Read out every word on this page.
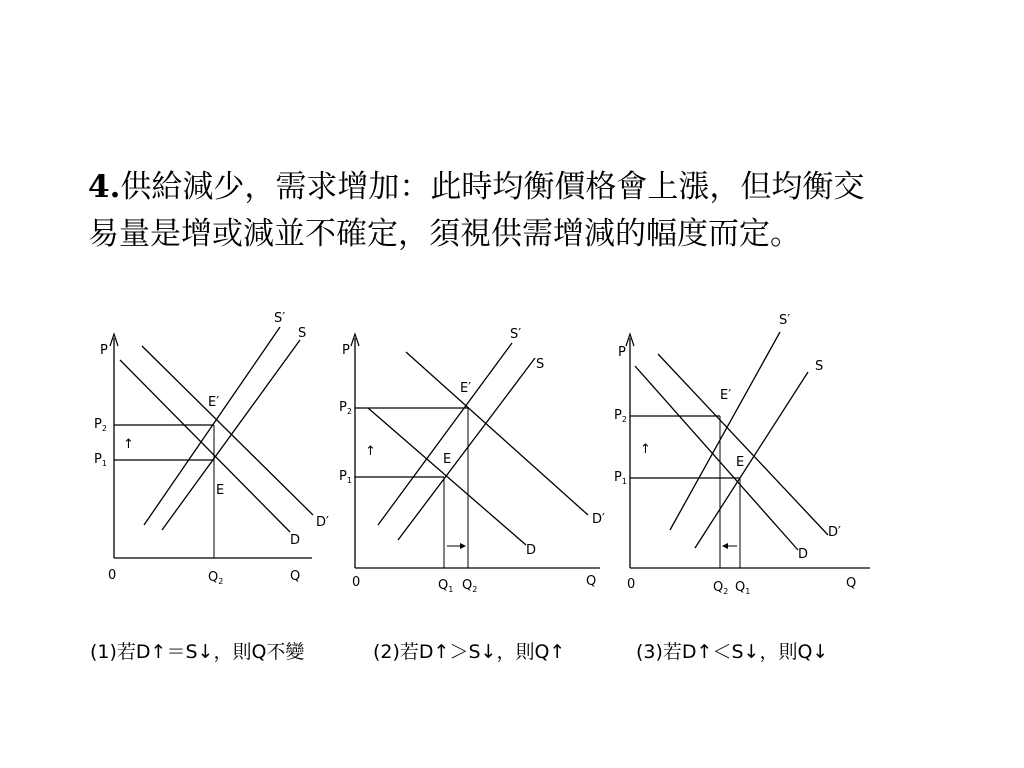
4.供給減少，需求增加：此時均衡價格會上漲，但均衡交
易量是增或減並不確定，須視供需增減的幅度而定。
P
Q
0
S′
S
D′
D
E′
E
$P_2$
$P_1$
↑
$Q_2$
(1)若D↑＝S↓，則Q不變
P
Q
0
S′
S
D′
D
E′
E
$P_2$
$P_1$
↑
$Q_1$ $Q_2$
(2)若D↑＞S↓，則Q↑
P
Q
0
S′
S
D′
D
E′
E
$P_2$
$P_1$
↑
$Q_2$ $Q_1$
(3)若D↑＜S↓，則Q↓
